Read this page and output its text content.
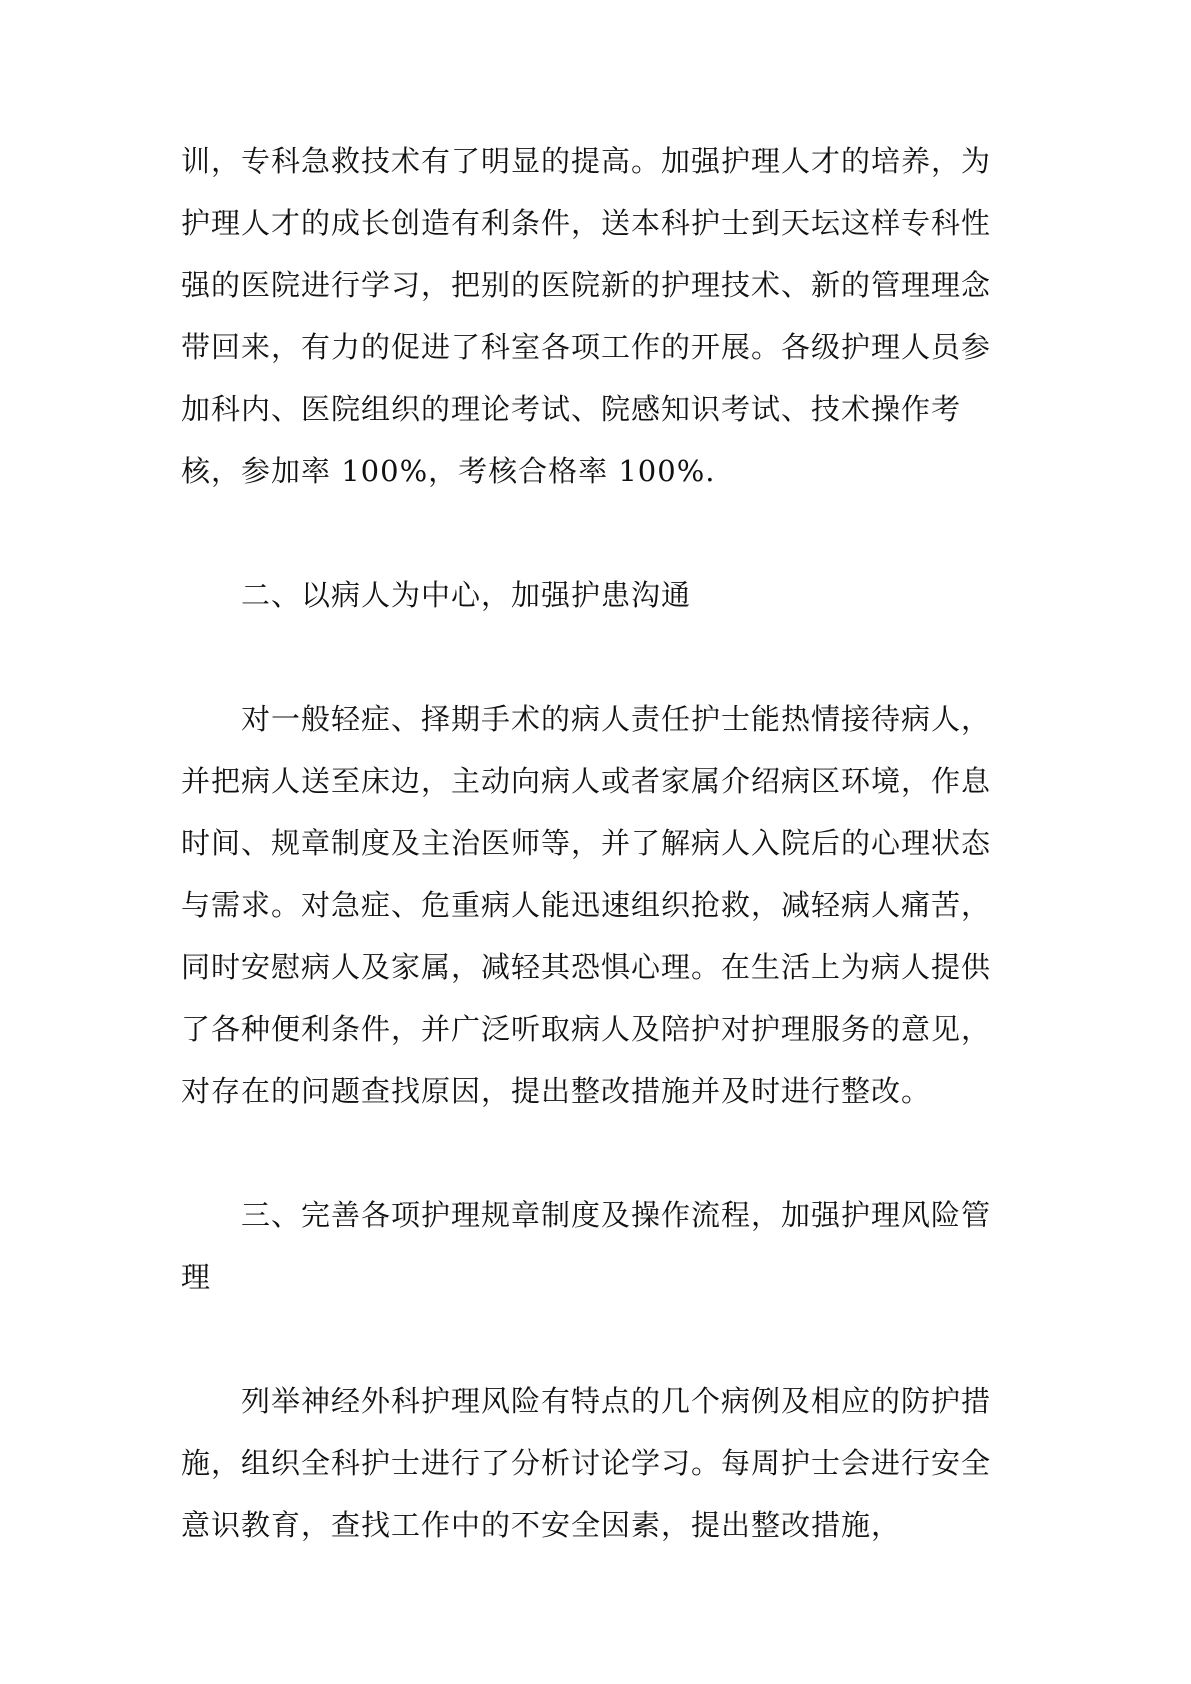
训，专科急救技术有了明显的提高。加强护理人才的培养，为护理人才的成长创造有利条件，送本科护士到天坛这样专科性强的医院进行学习，把别的医院新的护理技术、新的管理理念带回来，有力的促进了科室各项工作的开展。各级护理人员参加科内、医院组织的理论考试、院感知识考试、技术操作考核，参加率 100%，考核合格率 100%.

二、以病人为中心，加强护患沟通

对一般轻症、择期手术的病人责任护士能热情接待病人，并把病人送至床边，主动向病人或者家属介绍病区环境，作息时间、规章制度及主治医师等，并了解病人入院后的心理状态与需求。对急症、危重病人能迅速组织抢救，减轻病人痛苦，同时安慰病人及家属，减轻其恐惧心理。在生活上为病人提供了各种便利条件，并广泛听取病人及陪护对护理服务的意见，对存在的问题查找原因，提出整改措施并及时进行整改。

三、完善各项护理规章制度及操作流程，加强护理风险管理

列举神经外科护理风险有特点的几个病例及相应的防护措施，组织全科护士进行了分析讨论学习。每周护士会进行安全意识教育，查找工作中的不安全因素，提出整改措施，
